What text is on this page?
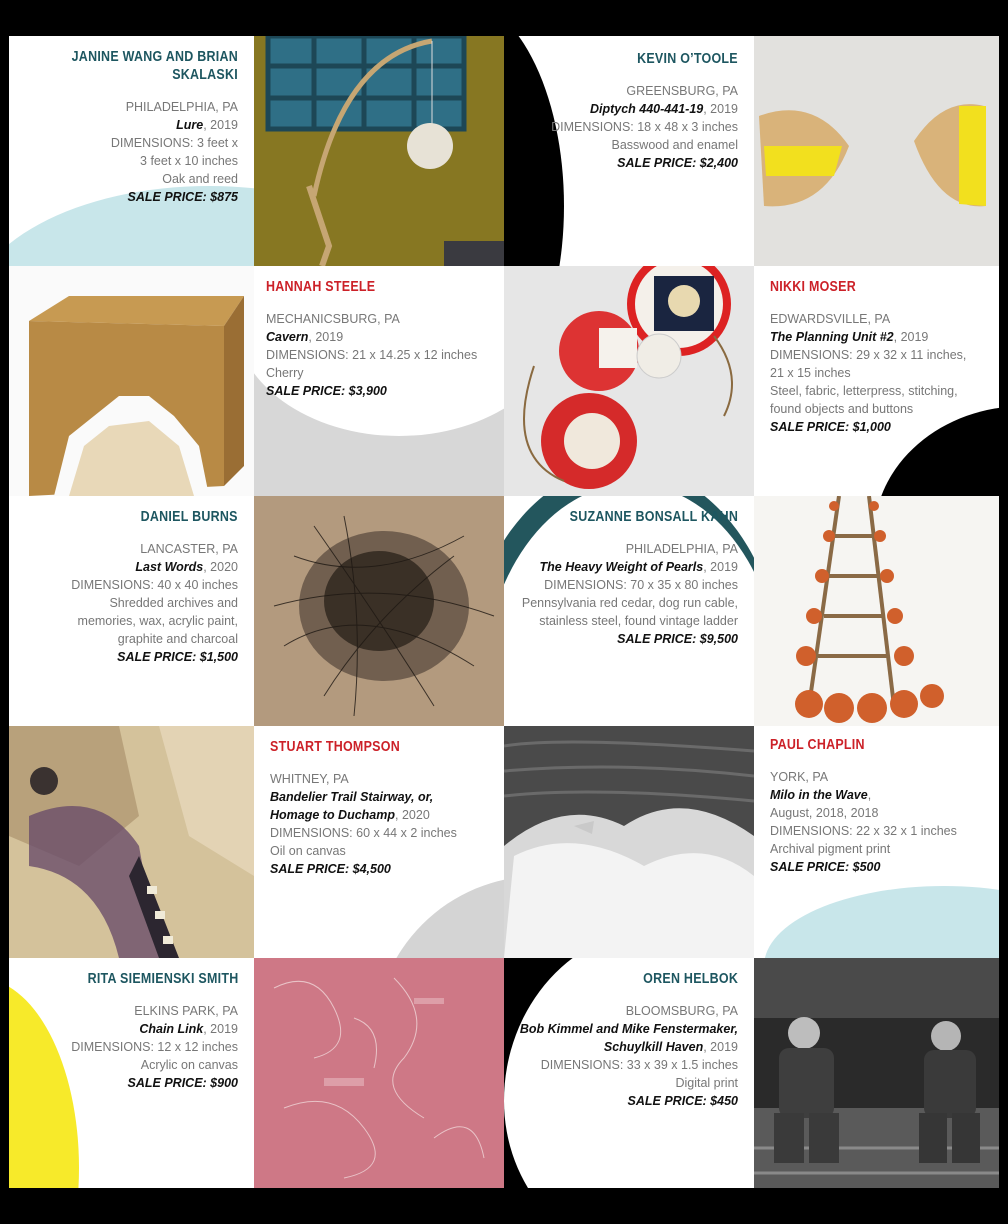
JANINE WANG AND BRIAN SKALASKI
PHILADELPHIA, PA
Lure, 2019
DIMENSIONS: 3 feet x
3 feet x 10 inches
Oak and reed
SALE PRICE: $875
KEVIN O’TOOLE
GREENSBURG, PA
Diptych 440-441-19, 2019
DIMENSIONS: 18 x 48 x 3 inches
Basswood and enamel
SALE PRICE: $2,400
HANNAH STEELE
MECHANICSBURG, PA
Cavern, 2019
DIMENSIONS: 21 x 14.25 x 12 inches
Cherry
SALE PRICE: $3,900
NIKKI MOSER
EDWARDSVILLE, PA
The Planning Unit #2, 2019
DIMENSIONS: 29 x 32 x 11 inches,
21 x 15 inches
Steel, fabric, letterpress, stitching,
found objects and buttons
SALE PRICE: $1,000
DANIEL BURNS
LANCASTER, PA
Last Words, 2020
DIMENSIONS: 40 x 40 inches
Shredded archives and
memories, wax, acrylic paint,
graphite and charcoal
SALE PRICE: $1,500
SUZANNE BONSALL KAHN
PHILADELPHIA, PA
The Heavy Weight of Pearls, 2019
DIMENSIONS: 70 x 35 x 80 inches
Pennsylvania red cedar, dog run cable,
stainless steel, found vintage ladder
SALE PRICE: $9,500
STUART THOMPSON
WHITNEY, PA
Bandelier Trail Stairway, or,
Homage to Duchamp, 2020
DIMENSIONS: 60 x 44 x 2 inches
Oil on canvas
SALE PRICE: $4,500
PAUL CHAPLIN
YORK, PA
Milo in the Wave,
August, 2018, 2018
DIMENSIONS: 22 x 32 x 1 inches
Archival pigment print
SALE PRICE: $500
RITA SIEMIENSKI SMITH
ELKINS PARK, PA
Chain Link, 2019
DIMENSIONS: 12 x 12 inches
Acrylic on canvas
SALE PRICE: $900
OREN HELBOK
BLOOMSBURG, PA
Bob Kimmel and Mike Fenstermaker,
Schuylkill Haven, 2019
DIMENSIONS: 33 x 39 x 1.5 inches
Digital print
SALE PRICE: $450
